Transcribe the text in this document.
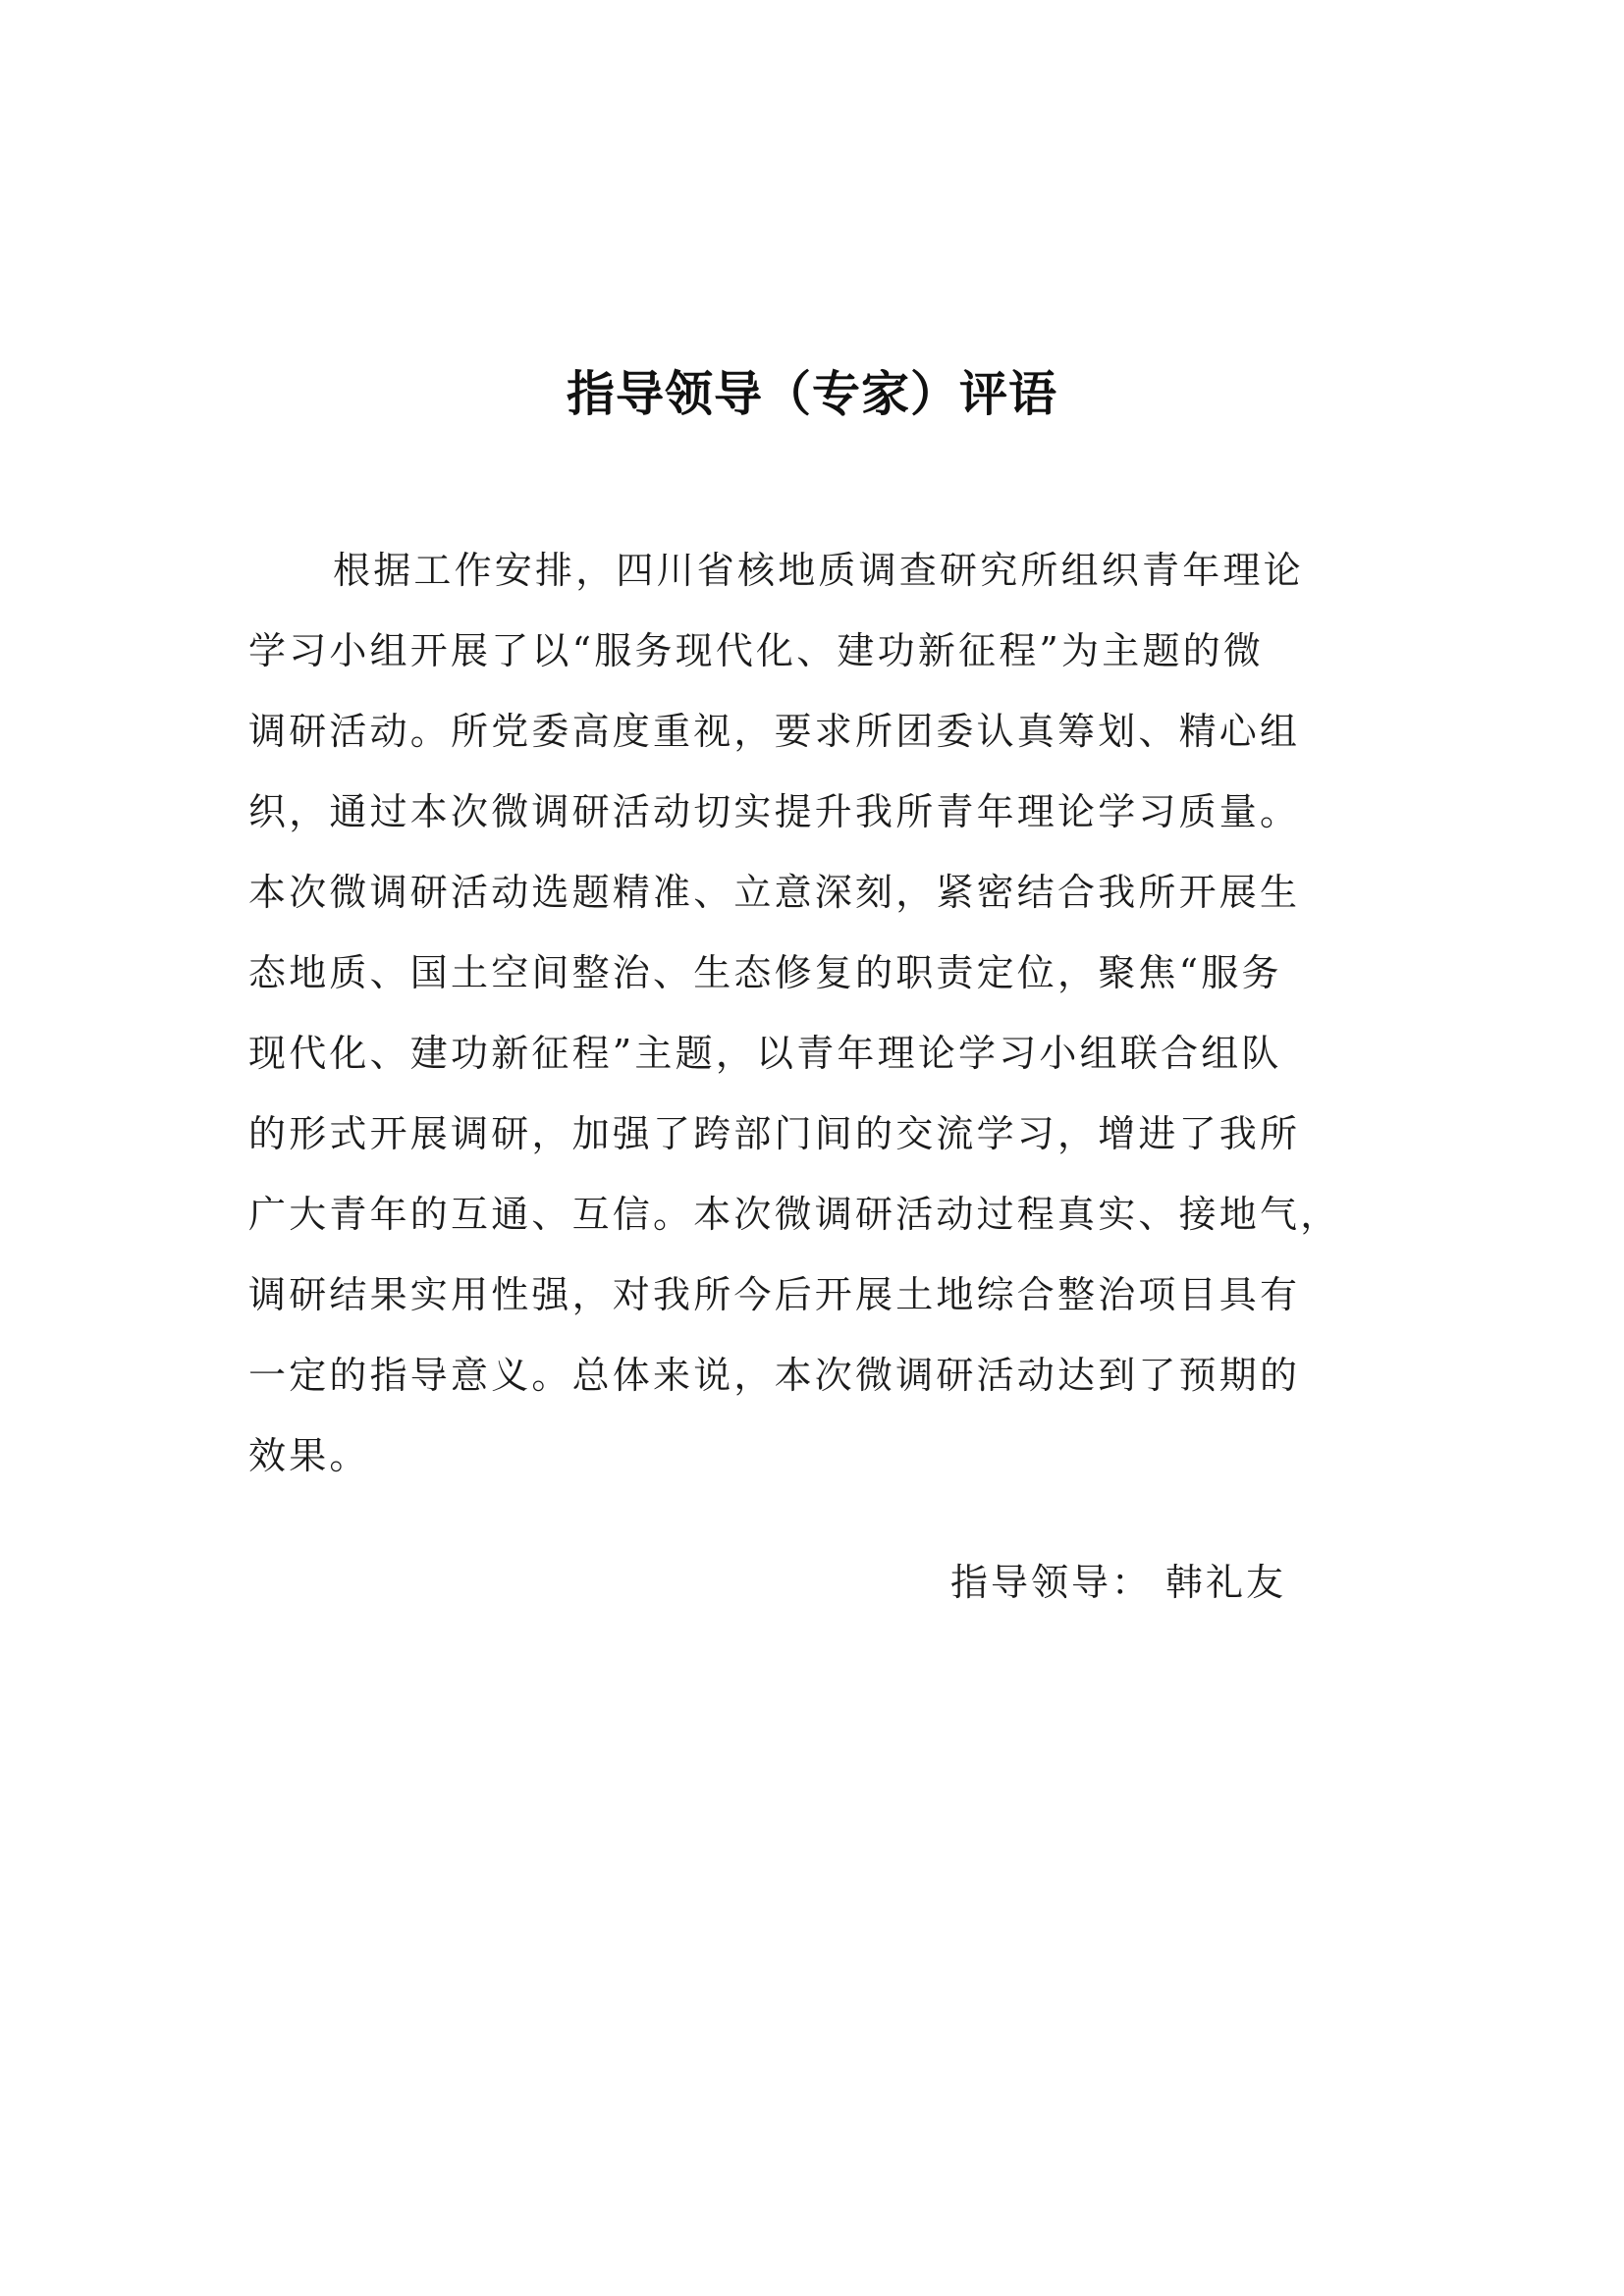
指导领导（专家）评语
根据工作安排，四川省核地质调查研究所组织青年理论
学习小组开展了以“服务现代化、建功新征程”为主题的微
调研活动。所党委高度重视，要求所团委认真筹划、精心组
织，通过本次微调研活动切实提升我所青年理论学习质量。
本次微调研活动选题精准、立意深刻，紧密结合我所开展生
态地质、国土空间整治、生态修复的职责定位，聚焦“服务
现代化、建功新征程”主题，以青年理论学习小组联合组队
的形式开展调研，加强了跨部门间的交流学习，增进了我所
广大青年的互通、互信。本次微调研活动过程真实、接地气，
调研结果实用性强，对我所今后开展土地综合整治项目具有
一定的指导意义。总体来说，本次微调研活动达到了预期的
效果。
指导领导： 韩礼友
